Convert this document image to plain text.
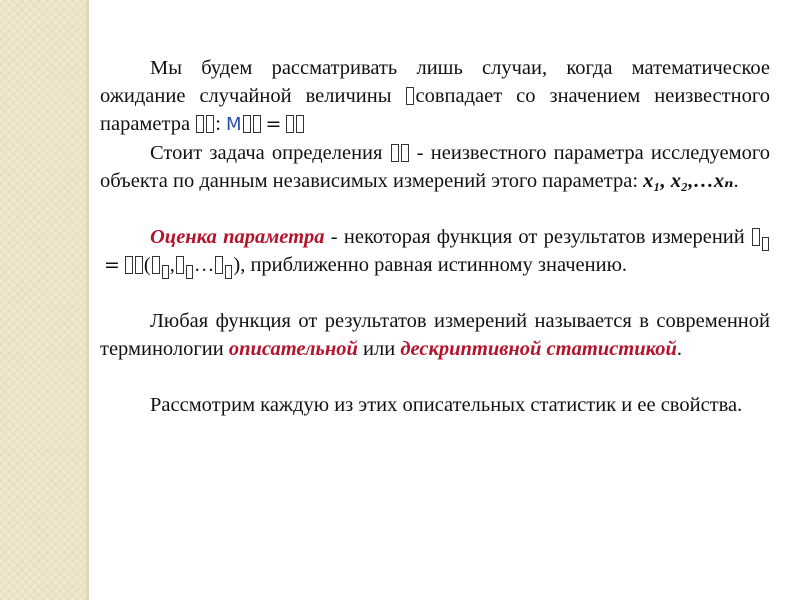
Мы будем рассматривать лишь случаи, когда математическое ожидание случайной величины совпадает со значением неизвестного параметра : M =

Стоит задача определения - неизвестного параметра исследуемого объекта по данным независимых измерений этого параметра: x₁, x₂,…xₙ.

Оценка параметра - некоторая функция от результатов измерений = ( , … ), приближенно равная истинному значению.

Любая функция от результатов измерений называется в современной терминологии описательной или дескриптивной статистикой.

Рассмотрим каждую из этих описательных статистик и ее свойства.
